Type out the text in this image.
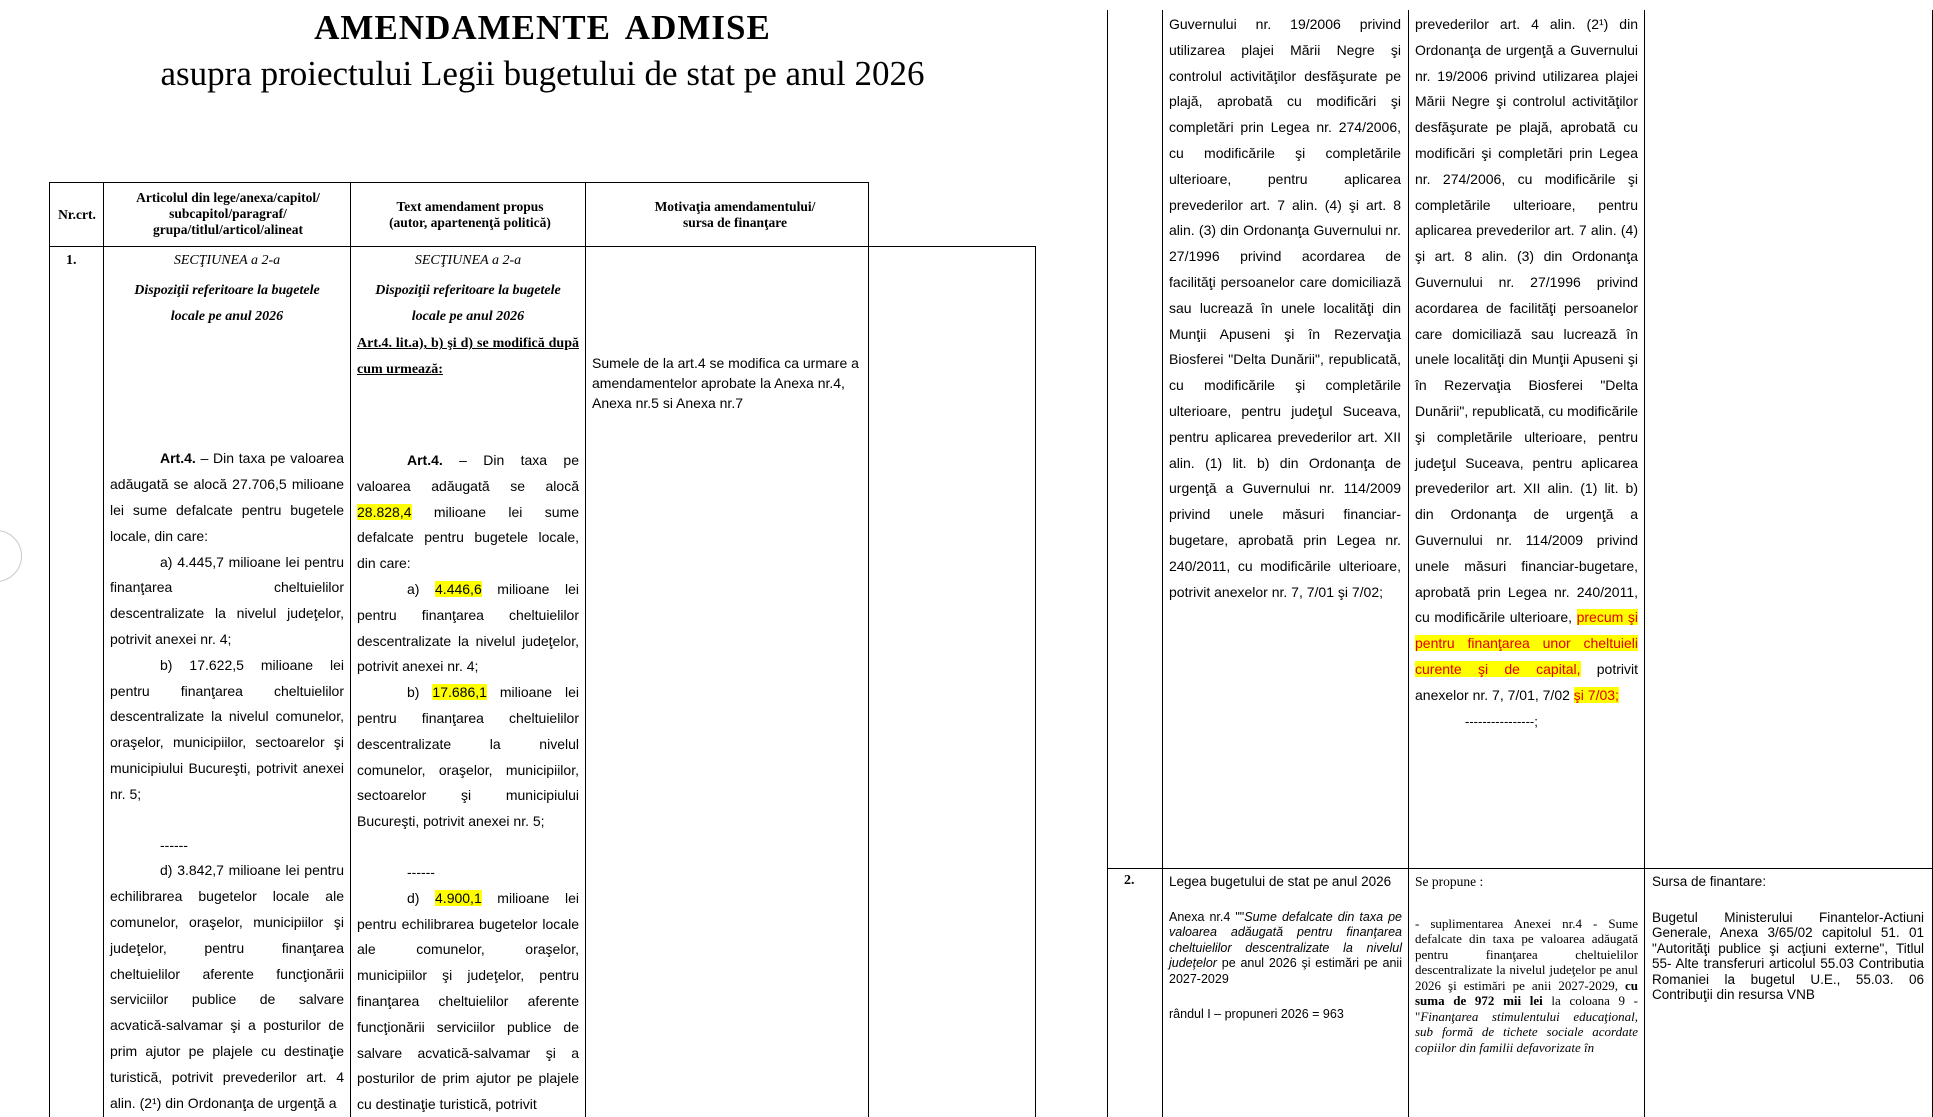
AMENDAMENTE ADMISE
asupra proiectului Legii bugetului de stat pe anul 2026
Nr.crt.
Articolul din lege/anexa/capitol/ subcapitol/paragraf/ grupa/titlul/articol/alineat
Text amendament propus (autor, apartenenţă politică)
Motivaţia amendamentului/ sursa de finanţare
1.	SECŢIUNEA a 2-a

Dispoziţii referitoare la bugetele locale pe anul 2026

Art.4. – Din taxa pe valoarea adăugată se alocă 27.706,5 milioane lei sume defalcate pentru bugetele locale, din care:

a) 4.445,7 milioane lei pentru finanţarea cheltuielilor descentralizate la nivelul judeţelor, potrivit anexei nr. 4;

b) 17.622,5 milioane lei pentru finanţarea cheltuielilor descentralizate la nivelul comunelor, oraşelor, municipiilor, sectoarelor şi municipiului Bucureşti, potrivit anexei nr. 5;

------

d) 3.842,7 milioane lei pentru echilibrarea bugetelor locale ale comunelor, oraşelor, municipiilor şi judeţelor, pentru finanţarea cheltuielilor aferente funcţionării serviciilor publice de salvare acvatică-salvamar şi a posturilor de prim ajutor pe plajele cu destinaţie turistică, potrivit prevederilor art. 4 alin. (2¹) din Ordonanţa de urgenţă a

SECŢIUNEA a 2-a

Dispoziţii referitoare la bugetele locale pe anul 2026

Art.4. lit.a), b) şi d) se modifică după cum urmează:

Art.4. – Din taxa pe valoarea adăugată se alocă 28.828,4 milioane lei sume defalcate pentru bugetele locale, din care:

a) 4.446,6 milioane lei pentru finanţarea cheltuielilor descentralizate la nivelul judeţelor, potrivit anexei nr. 4;

b) 17.686,1 milioane lei pentru finanţarea cheltuielilor descentralizate la nivelul comunelor, oraşelor, municipiilor, sectoarelor şi municipiului Bucureşti, potrivit anexei nr. 5;

------

d) 4.900,1 milioane lei pentru echilibrarea bugetelor locale ale comunelor, oraşelor, municipiilor şi judeţelor, pentru finanţarea cheltuielilor aferente funcţionării serviciilor publice de salvare acvatică-salvamar şi a posturilor de prim ajutor pe plajele cu destinaţie turistică, potrivit

Sumele de la art.4 se modifica ca urmare a amendamentelor aprobate la Anexa nr.4, Anexa nr.5 si Anexa nr.7
Guvernului nr. 19/2006 privind utilizarea plajei Mării Negre şi controlul activităţilor desfăşurate pe plajă, aprobată cu modificări şi completări prin Legea nr. 274/2006, cu modificările şi completările ulterioare, pentru aplicarea prevederilor art. 7 alin. (4) şi art. 8 alin. (3) din Ordonanţa Guvernului nr. 27/1996 privind acordarea de facilităţi persoanelor care domiciliază sau lucrează în unele localităţi din Munţii Apuseni şi în Rezervaţia Biosferei "Delta Dunării", republicată, cu modificările şi completările ulterioare, pentru judeţul Suceava, pentru aplicarea prevederilor art. XII alin. (1) lit. b) din Ordonanţa de urgenţă a Guvernului nr. 114/2009 privind unele măsuri financiar-bugetare, aprobată prin Legea nr. 240/2011, cu modificările ulterioare, potrivit anexelor nr. 7, 7/01 şi 7/02;
prevederilor art. 4 alin. (2¹) din Ordonanţa de urgenţă a Guvernului nr. 19/2006 privind utilizarea plajei Mării Negre şi controlul activităţilor desfăşurate pe plajă, aprobată cu modificări şi completări prin Legea nr. 274/2006, cu modificările şi completările ulterioare, pentru aplicarea prevederilor art. 7 alin. (4) şi art. 8 alin. (3) din Ordonanţa Guvernului nr. 27/1996 privind acordarea de facilităţi persoanelor care domiciliază sau lucrează în unele localităţi din Munţii Apuseni şi în Rezervaţia Biosferei "Delta Dunării", republicată, cu modificările şi completările ulterioare, pentru judeţul Suceava, pentru aplicarea prevederilor art. XII alin. (1) lit. b) din Ordonanţa de urgenţă a Guvernului nr. 114/2009 privind unele măsuri financiar-bugetare, aprobată prin Legea nr. 240/2011, cu modificările ulterioare, precum şi pentru finanţarea unor cheltuieli curente şi de capital, potrivit anexelor nr. 7, 7/01, 7/02 şi 7/03;
----------------;
2.	Legea bugetului de stat pe anul 2026
Anexa nr.4 ""Sume defalcate din taxa pe valoarea adăugată pentru finanţarea cheltuielilor descentralizate la nivelul judeţelor pe anul 2026 şi estimări pe anii 2027-2029
rândul I – propuneri 2026 = 963
Se propune :
- suplimentarea Anexei nr.4 - Sume defalcate din taxa pe valoarea adăugată pentru finanţarea cheltuielilor descentralizate la nivelul judeţelor pe anul 2026 şi estimări pe anii 2027-2029, cu suma de 972 mii lei la coloana 9 - "Finanţarea stimulentului educaţional, sub formă de tichete sociale acordate copiilor din familii defavorizate în
Sursa de finantare:
Bugetul Ministerului Finantelor-Actiuni Generale, Anexa 3/65/02 capitolul 51. 01 "Autorităţi publice şi acţiuni externe", Titlul 55- Alte transferuri articolul 55.03 Contributia Romaniei la bugetul U.E., 55.03. 06 Contribuţii din resursa VNB
